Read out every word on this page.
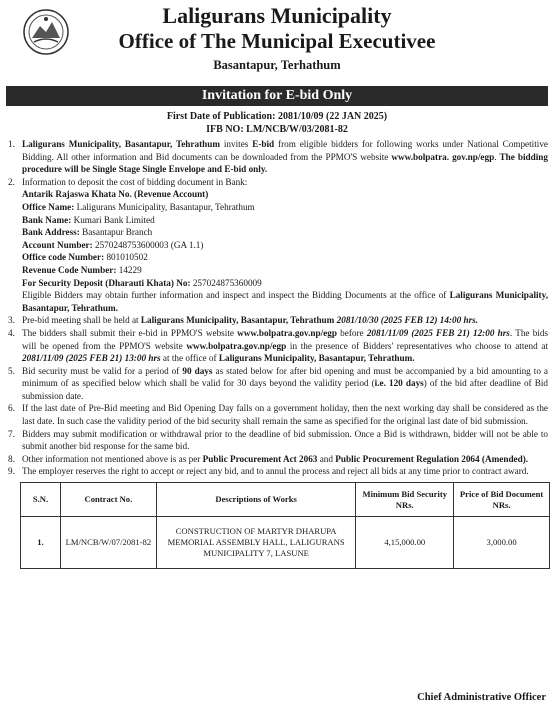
Laligurans Municipality
Office of The Municipal Executivee
Basantapur, Terhathum
Invitation for E-bid Only
First Date of Publication: 2081/10/09 (22 JAN 2025)
IFB NO: LM/NCB/W/03/2081-82
1. Laligurans Municipality, Basantapur, Tehrathum invites E-bid from eligible bidders for following works under National Competitive Bidding. All other information and Bid documents can be downloaded from the PPMO'S website www.bolpatra. gov.np/egp. The bidding procedure will be Single Stage Single Envelope and E-bid only.
2. Information to deposit the cost of bidding document in Bank:
Antarik Rajaswa Khata No. (Revenue Account)
Office Name: Laligurans Municipality, Basantapur, Tehrathum
Bank Name: Kumari Bank Limited
Bank Address: Basantapur Branch
Account Number: 2570248753600003 (GA 1.1)
Office code Number: 801010502
Revenue Code Number: 14229
For Security Deposit (Dharauti Khata) No: 257024875360009
Eligible Bidders may obtain further information and inspect and inspect the Bidding Documents at the office of Laligurans Municipality, Basantapur, Tehrathum.
3. Pre-bid meeting shall be held at Laligurans Municipality, Basantapur, Tehrathum 2081/10/30 (2025 FEB 12) 14:00 hrs.
4. The bidders shall submit their e-bid in PPMO'S website www.bolpatra.gov.np/egp before 2081/11/09 (2025 FEB 21) 12:00 hrs. The bids will be opened from the PPMO'S website www.bolpatra.gov.np/egp in the presence of Bidders' representatives who choose to attend at 2081/11/09 (2025 FEB 21) 13:00 hrs at the office of Laligurans Municipality, Basantapur, Tehrathum.
5. Bid security must be valid for a period of 90 days as stated below for after bid opening and must be accompanied by a bid amounting to a minimum of as specified below which shall be valid for 30 days beyond the validity period (i.e. 120 days) of the bid after deadline of Bid submission date.
6. If the last date of Pre-Bid meeting and Bid Opening Day falls on a government holiday, then the next working day shall be considered as the last date. In such case the validity period of the bid security shall remain the same as specified for the original last date of bid submission.
7. Bidders may submit modification or withdrawal prior to the deadline of bid submission. Once a Bid is withdrawn, bidder will not be able to submit another bid response for the same bid.
8. Other information not mentioned above is as per Public Procurement Act 2063 and Public Procurement Regulation 2064 (Amended).
9. The employer reserves the right to accept or reject any bid, and to annul the process and reject all bids at any time prior to contract award.
S.N.	Contract No.	Descriptions of Works	Minimum Bid Security NRs.	Price of Bid Document NRs.
1.	LM/NCB/W/07/2081-82	CONSTRUCTION OF MARTYR DHARUPA MEMORIAL ASSEMBLY HALL, LALIGURANS MUNICIPALITY 7, LASUNE	4,15,000.00	3,000.00
Chief Administrative Officer
